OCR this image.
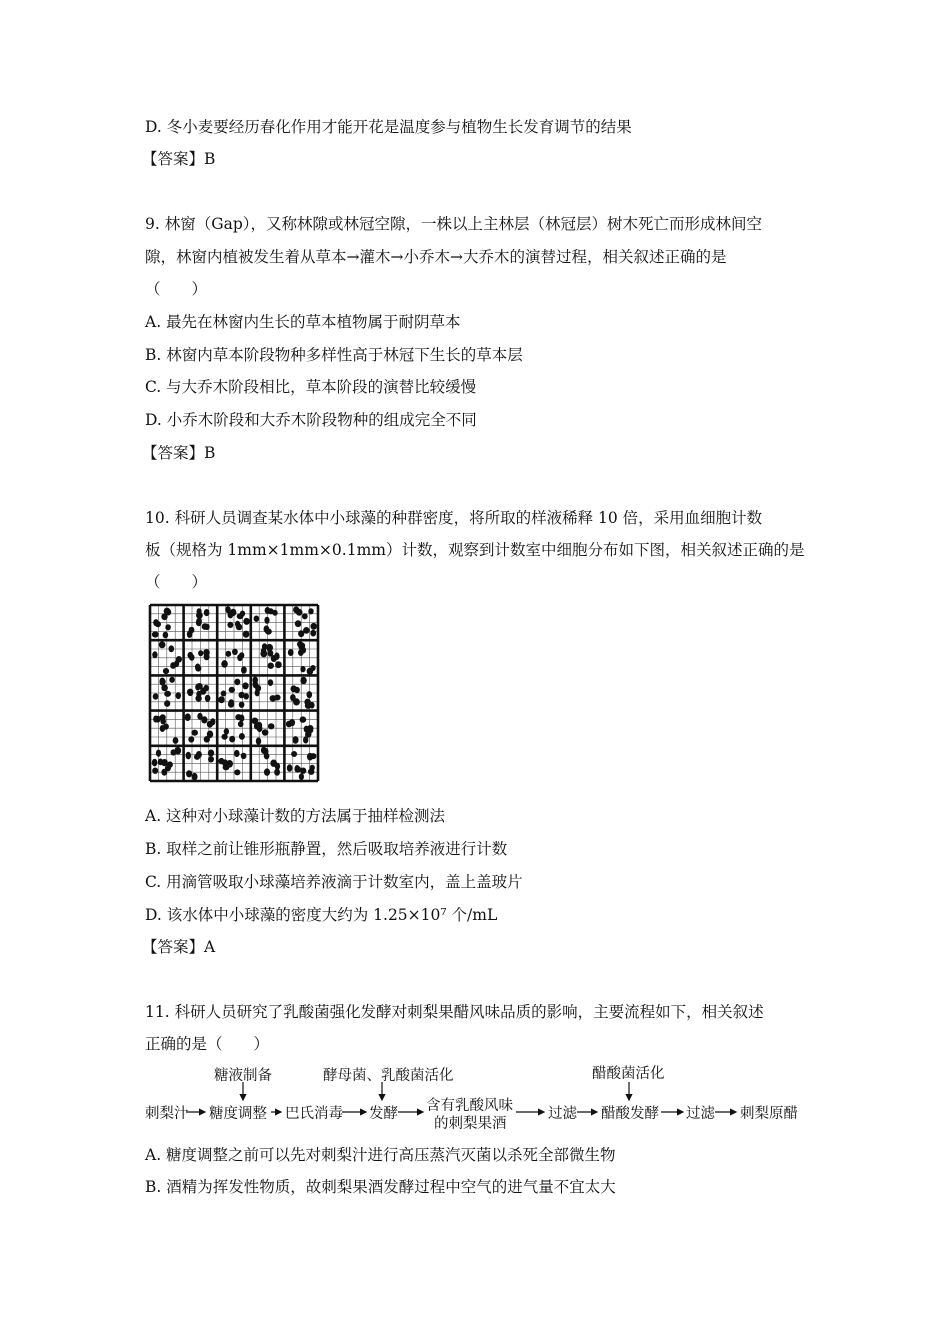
D. 冬小麦要经历春化作用才能开花是温度参与植物生长发育调节的结果
【答案】B
9. 林窗（Gap），又称林隙或林冠空隙，一株以上主林层（林冠层）树木死亡而形成林间空
隙，林窗内植被发生着从草本→灌木→小乔木→大乔木的演替过程，相关叙述正确的是
（　　）
A. 最先在林窗内生长的草本植物属于耐阴草本
B. 林窗内草本阶段物种多样性高于林冠下生长的草本层
C. 与大乔木阶段相比，草本阶段的演替比较缓慢
D. 小乔木阶段和大乔木阶段物种的组成完全不同
【答案】B
10. 科研人员调查某水体中小球藻的种群密度，将所取的样液稀释 10 倍，采用血细胞计数
板（规格为 1mm×1mm×0.1mm）计数，观察到计数室中细胞分布如下图，相关叙述正确的是
（　　）
A. 这种对小球藻计数的方法属于抽样检测法
B. 取样之前让锥形瓶静置，然后吸取培养液进行计数
C. 用滴管吸取小球藻培养液滴于计数室内，盖上盖玻片
D. 该水体中小球藻的密度大约为 1.25×10⁷ 个/mL
【答案】A
11. 科研人员研究了乳酸菌强化发酵对刺梨果醋风味品质的影响，主要流程如下，相关叙述
正确的是（　　）
A. 糖度调整之前可以先对刺梨汁进行高压蒸汽灭菌以杀死全部微生物
B. 酒精为挥发性物质，故刺梨果酒发酵过程中空气的进气量不宜太大
刺梨汁 糖度调整 巴氏消毒 发酵 含有乳酸风味
的刺梨果酒
过滤 醋酸发酵 过滤 刺梨原醋
糖液制备	酵母菌、乳酸菌活化	醋酸菌活化
